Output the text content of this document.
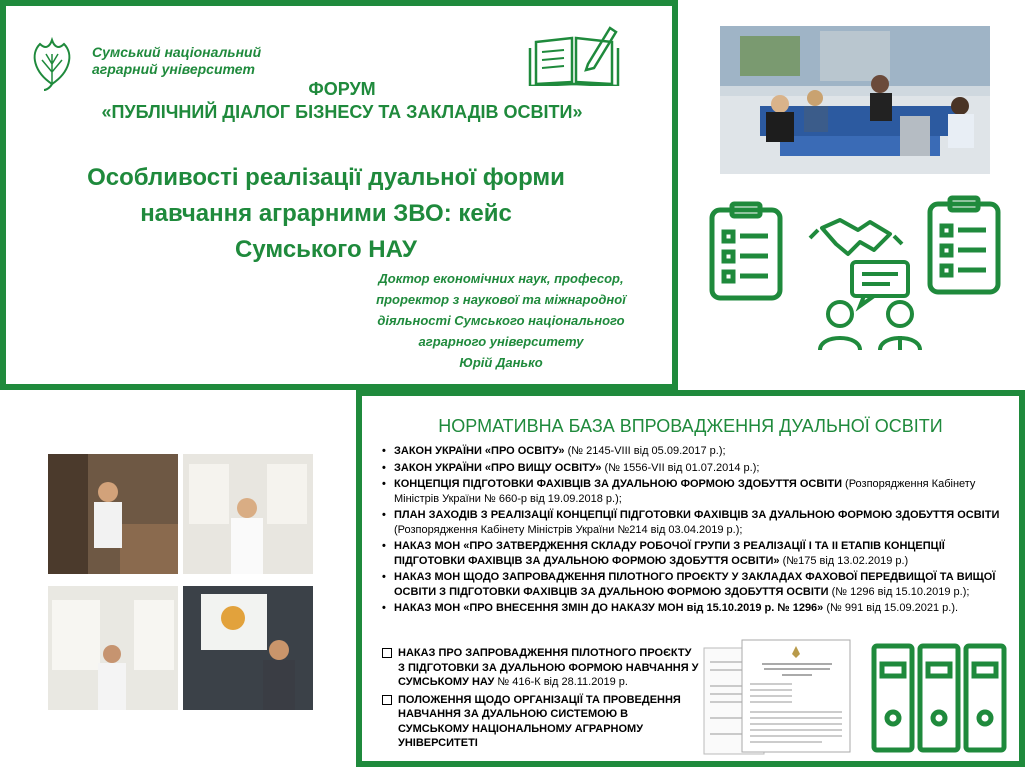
Сумський національний
аграрний університет
ФОРУМ
«ПУБЛІЧНИЙ ДІАЛОГ БІЗНЕСУ ТА ЗАКЛАДІВ ОСВІТИ»
Особливості реалізації дуальної форми
навчання аграрними ЗВО: кейс
Сумського НАУ
Доктор економічних наук, професор,
проректор з наукової та міжнародної
діяльності Сумського національного
аграрного університету
Юрій Данько
НОРМАТИВНА БАЗА ВПРОВАДЖЕННЯ ДУАЛЬНОЇ ОСВІТИ
• ЗАКОН УКРАЇНИ «ПРО ОСВІТУ» (№ 2145-VIII від 05.09.2017 р.);
• ЗАКОН УКРАЇНИ «ПРО ВИЩУ ОСВІТУ» (№ 1556-VII від 01.07.2014 р.);
• КОНЦЕПЦІЯ ПІДГОТОВКИ ФАХІВЦІВ ЗА ДУАЛЬНОЮ ФОРМОЮ ЗДОБУТТЯ ОСВІТИ (Розпорядження Кабінету Міністрів України № 660-р від 19.09.2018 р.);
• ПЛАН ЗАХОДІВ З РЕАЛІЗАЦІЇ КОНЦЕПЦІЇ ПІДГОТОВКИ ФАХІВЦІВ ЗА ДУАЛЬНОЮ ФОРМОЮ ЗДОБУТТЯ ОСВІТИ (Розпорядження Кабінету Міністрів України №214 від 03.04.2019 р.);
• НАКАЗ МОН «ПРО ЗАТВЕРДЖЕННЯ СКЛАДУ РОБОЧОЇ ГРУПИ З РЕАЛІЗАЦІЇ І ТА ІІ ЕТАПІВ КОНЦЕПЦІЇ ПІДГОТОВКИ ФАХІВЦІВ ЗА ДУАЛЬНОЮ ФОРМОЮ ЗДОБУТТЯ ОСВІТИ» (№175 від 13.02.2019 р.)
• НАКАЗ МОН ЩОДО ЗАПРОВАДЖЕННЯ ПІЛОТНОГО ПРОЄКТУ У ЗАКЛАДАХ ФАХОВОЇ ПЕРЕДВИЩОЇ ТА ВИЩОЇ ОСВІТИ З ПІДГОТОВКИ ФАХІВЦІВ ЗА ДУАЛЬНОЮ ФОРМОЮ ЗДОБУТТЯ ОСВІТИ (№ 1296 від 15.10.2019 р.);
• НАКАЗ МОН «ПРО ВНЕСЕННЯ ЗМІН ДО НАКАЗУ МОН від 15.10.2019 р. № 1296» (№ 991 від 15.09.2021 р.).
НАКАЗ ПРО ЗАПРОВАДЖЕННЯ ПІЛОТНОГО ПРОЄКТУ З ПІДГОТОВКИ ЗА ДУАЛЬНОЮ ФОРМОЮ НАВЧАННЯ У СУМСЬКОМУ НАУ № 416-К від 28.11.2019 р.
ПОЛОЖЕННЯ ЩОДО ОРГАНІЗАЦІЇ ТА ПРОВЕДЕННЯ НАВЧАННЯ ЗА ДУАЛЬНОЮ СИСТЕМОЮ В СУМСЬКОМУ НАЦІОНАЛЬНОМУ АГРАРНОМУ УНІВЕРСИТЕТІ
